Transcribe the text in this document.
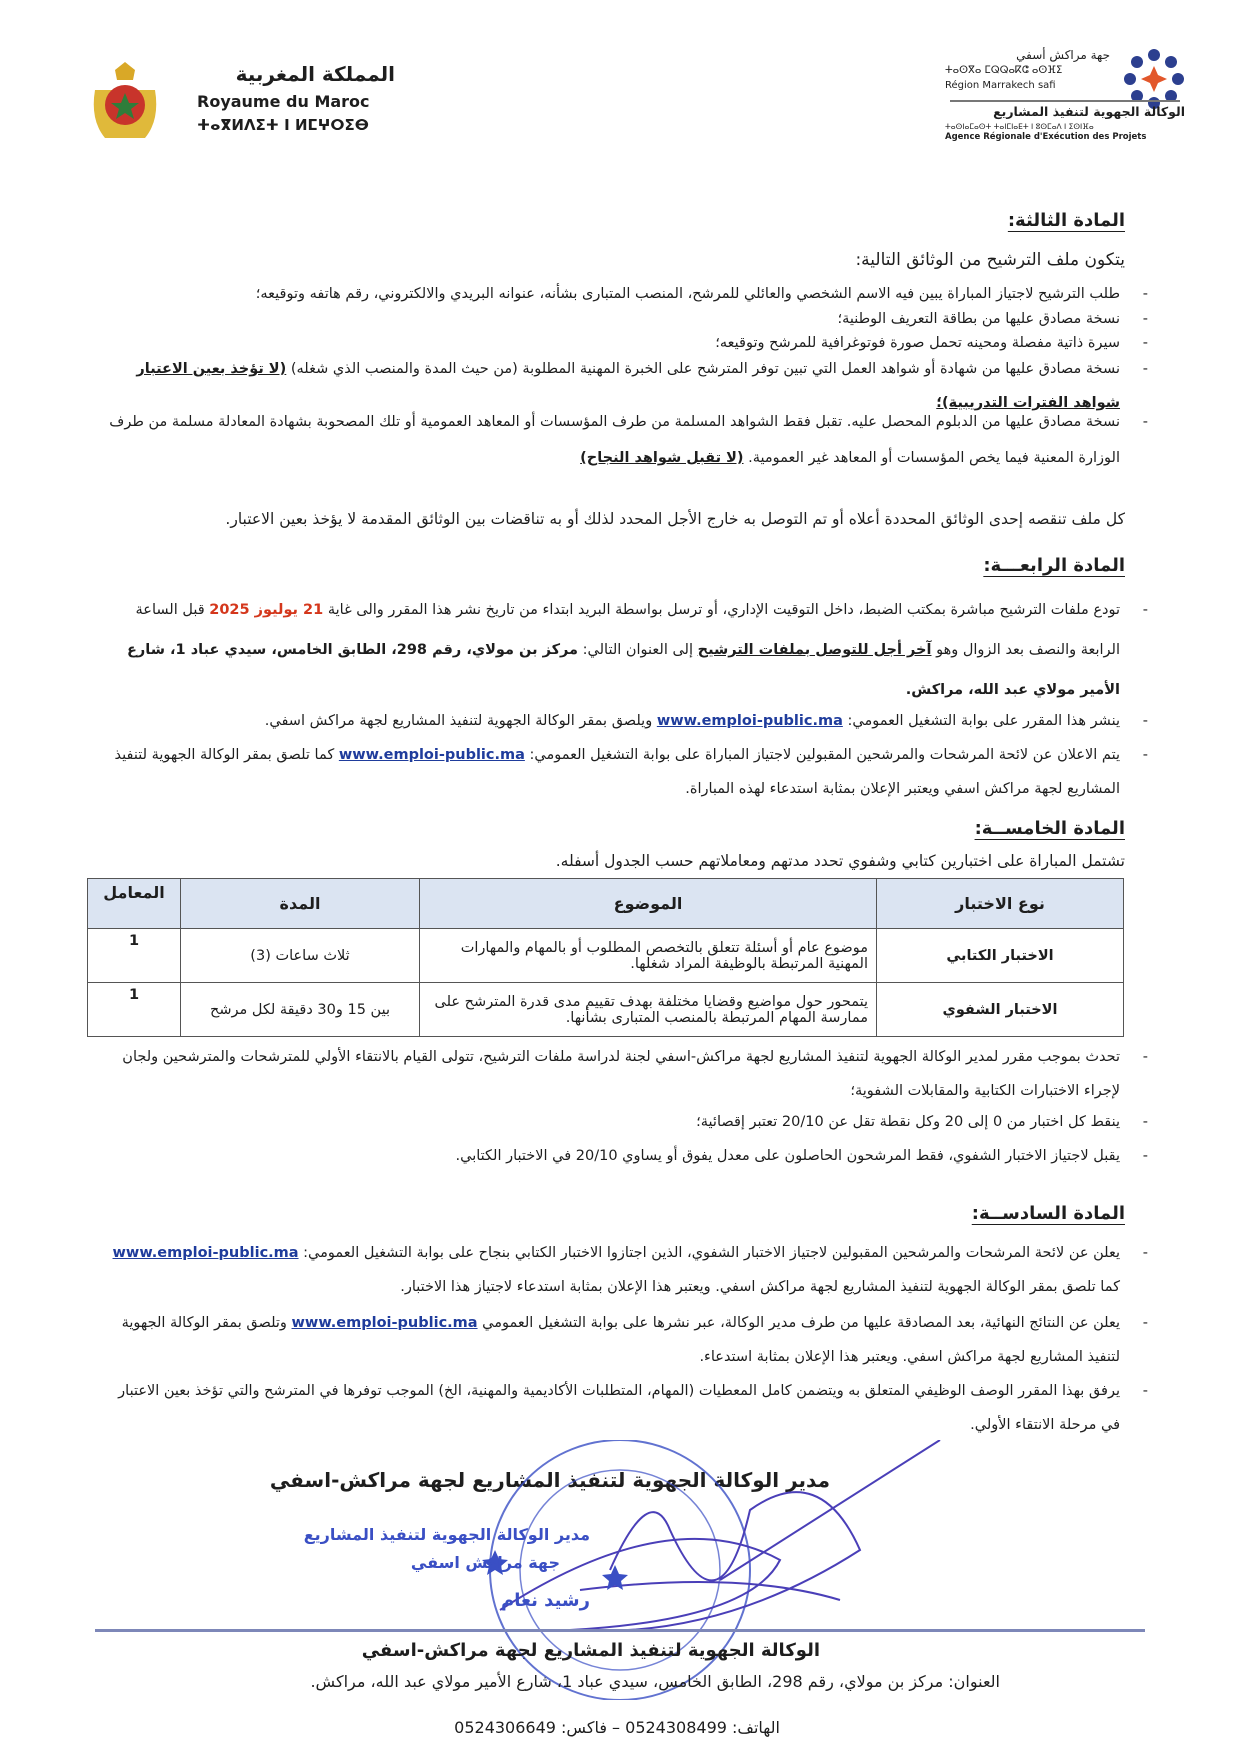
المملكة المغربية
Royaume du Maroc
ⵜⴰⴳⵍⴷⵉⵜ ⵏ ⵍⵎⵖⵔⵉⴱ
جهة مراكش أسفي
ⵜⴰⵙⴳⴰ ⵎⵕⵕⴰⴽⵛ ⴰⵙⴼⵉ
Région Marrakech safi
الوكالة الجهوية لتنفيذ المشاريع
ⵜⴰⵙⵏⴰⵎⴰⵙⵜ ⵜⴰⵏⵎⵏⴰⴹⵜ ⵏ ⵓⵙⵎⴰⴷ ⵏ ⵉⵙⵏⴼⴰ
Agence Régionale d'Exécution des Projets
المادة الثالثة:
يتكون ملف الترشيح من الوثائق التالية:
- طلب الترشيح لاجتياز المباراة يبين فيه الاسم الشخصي والعائلي للمرشح، المنصب المتبارى بشأنه، عنوانه البريدي والالكتروني، رقم هاتفه وتوقيعه؛
- نسخة مصادق عليها من بطاقة التعريف الوطنية؛
- سيرة ذاتية مفصلة ومحينه تحمل صورة فوتوغرافية للمرشح وتوقيعه؛
- نسخة مصادق عليها من شهادة أو شواهد العمل التي تبين توفر المترشح على الخبرة المهنية المطلوبة (من حيث المدة والمنصب الذي شغله) (لا تؤخذ بعين الاعتبار شواهد الفترات التدريبية)؛
- نسخة مصادق عليها من الدبلوم المحصل عليه. تقبل فقط الشواهد المسلمة من طرف المؤسسات أو المعاهد العمومية أو تلك المصحوبة بشهادة المعادلة مسلمة من طرف الوزارة المعنية فيما يخص المؤسسات أو المعاهد غير العمومية. (لا تقبل شواهد النجاح)
كل ملف تنقصه إحدى الوثائق المحددة أعلاه أو تم التوصل به خارج الأجل المحدد لذلك أو به تناقضات بين الوثائق المقدمة لا يؤخذ بعين الاعتبار.
المادة الرابعـــة:
- تودع ملفات الترشيح مباشرة بمكتب الضبط، داخل التوقيت الإداري، أو ترسل بواسطة البريد ابتداء من تاريخ نشر هذا المقرر والى غاية 21 يوليوز 2025 قبل الساعة الرابعة والنصف بعد الزوال وهو آخر أجل للتوصل بملفات الترشيح إلى العنوان التالي: مركز بن مولاي، رقم 298، الطابق الخامس، سيدي عباد 1، شارع الأمير مولاي عبد الله، مراكش.
- ينشر هذا المقرر على بوابة التشغيل العمومي: www.emploi-public.ma ويلصق بمقر الوكالة الجهوية لتنفيذ المشاريع لجهة مراكش اسفي.
- يتم الاعلان عن لائحة المرشحات والمرشحين المقبولين لاجتياز المباراة على بوابة التشغيل العمومي: www.emploi-public.ma كما تلصق بمقر الوكالة الجهوية لتنفيذ المشاريع لجهة مراكش اسفي ويعتبر الإعلان بمثابة استدعاء لهذه المباراة.
المادة الخامســة:
تشتمل المباراة على اختبارين كتابي وشفوي تحدد مدتهم ومعاملاتهم حسب الجدول أسفله.
نوع الاختبار	الموضوع	المدة	المعامل
الاختبار الكتابي	موضوع عام أو أسئلة تتعلق بالتخصص المطلوب أو بالمهام والمهارات المهنية المرتبطة بالوظيفة المراد شغلها.	ثلاث ساعات (3)	1
الاختبار الشفوي	يتمحور حول مواضيع وقضايا مختلفة بهدف تقييم مدى قدرة المترشح على ممارسة المهام المرتبطة بالمنصب المتبارى بشأنها.	بين 15 و30 دقيقة لكل مرشح	1
- تحدث بموجب مقرر لمدير الوكالة الجهوية لتنفيذ المشاريع لجهة مراكش-اسفي لجنة لدراسة ملفات الترشيح، تتولى القيام بالانتقاء الأولي للمترشحات والمترشحين ولجان لإجراء الاختبارات الكتابية والمقابلات الشفوية؛
- ينقط كل اختبار من 0 إلى 20 وكل نقطة تقل عن 20/10 تعتبر إقصائية؛
- يقبل لاجتياز الاختبار الشفوي، فقط المرشحون الحاصلون على معدل يفوق أو يساوي 20/10 في الاختبار الكتابي.
المادة السادســة:
- يعلن عن لائحة المرشحات والمرشحين المقبولين لاجتياز الاختبار الشفوي، الذين اجتازوا الاختبار الكتابي بنجاح على بوابة التشغيل العمومي: www.emploi-public.ma كما تلصق بمقر الوكالة الجهوية لتنفيذ المشاريع لجهة مراكش اسفي. ويعتبر هذا الإعلان بمثابة استدعاء لاجتياز هذا الاختبار.
- يعلن عن النتائج النهائية، بعد المصادقة عليها من طرف مدير الوكالة، عبر نشرها على بوابة التشغيل العمومي www.emploi-public.ma وتلصق بمقر الوكالة الجهوية لتنفيذ المشاريع لجهة مراكش اسفي. ويعتبر هذا الإعلان بمثابة استدعاء.
- يرفق بهذا المقرر الوصف الوظيفي المتعلق به ويتضمن كامل المعطيات (المهام، المتطلبات الأكاديمية والمهنية، الخ) الموجب توفرها في المترشح والتي تؤخذ بعين الاعتبار في مرحلة الانتقاء الأولي.
مدير الوكالة الجهوية لتنفيذ المشاريع لجهة مراكش-اسفي
مدير الوكالة الجهوية لتنفيذ المشاريع
جهة مراكش اسفي
رشيد نعام
الوكالة الجهوية لتنفيذ المشاريع لجهة مراكش-اسفي
العنوان: مركز بن مولاي، رقم 298، الطابق الخامس، سيدي عباد 1، شارع الأمير مولاي عبد الله، مراكش.
الهاتف: 0524308499 – فاكس: 0524306649
